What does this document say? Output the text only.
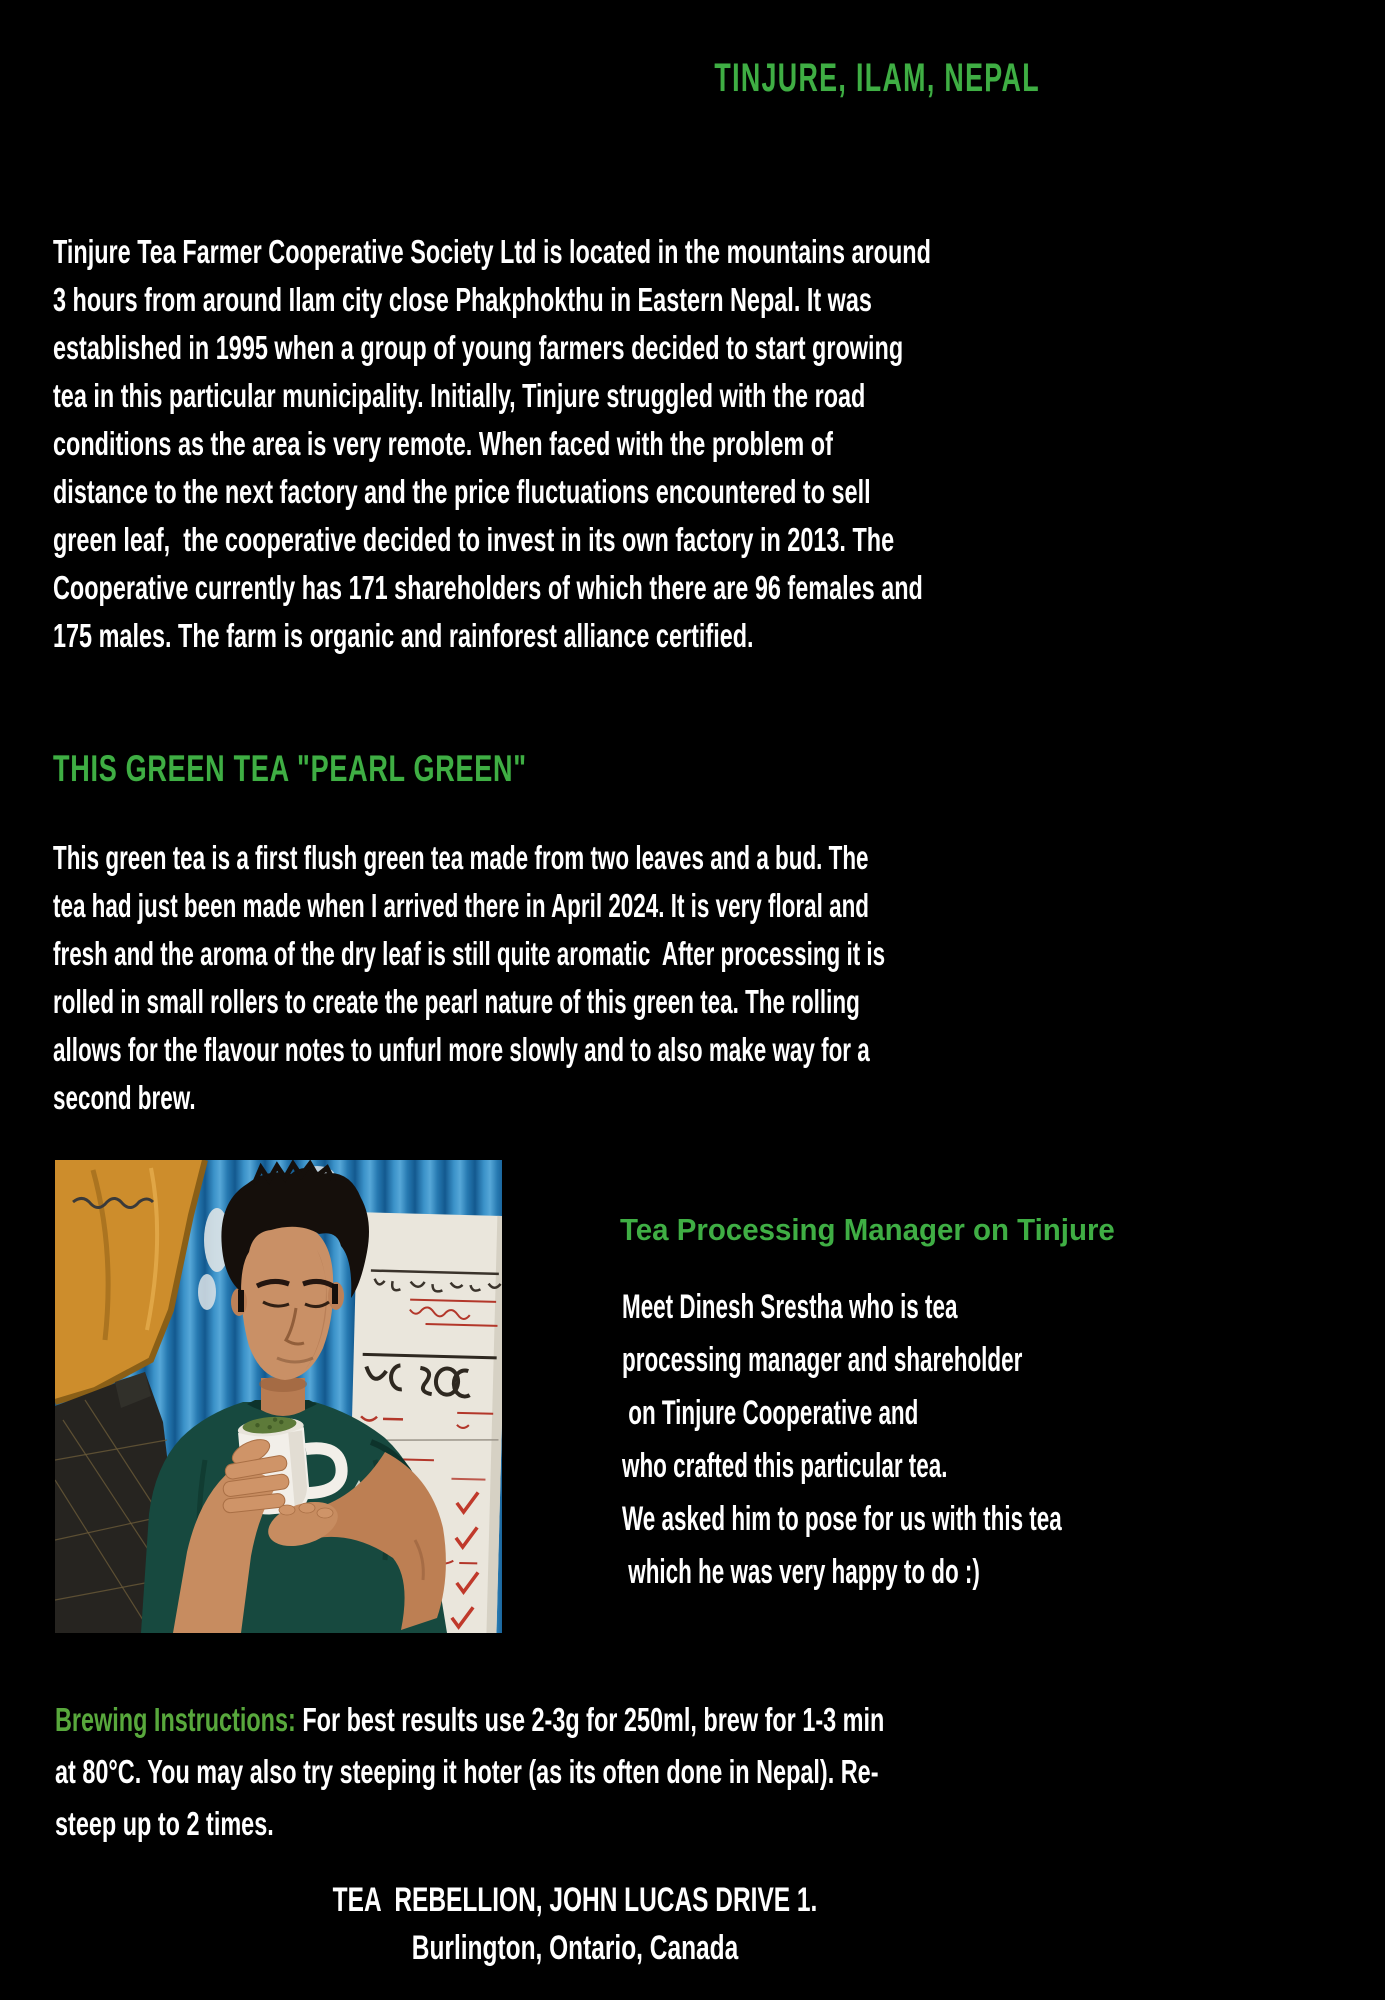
TINJURE, ILAM, NEPAL
Tinjure Tea Farmer Cooperative Society Ltd is located in the mountains around
3 hours from around Ilam city close Phakphokthu in Eastern Nepal. It was
established in 1995 when a group of young farmers decided to start growing
tea in this particular municipality. Initially, Tinjure struggled with the road
conditions as the area is very remote. When faced with the problem of
distance to the next factory and the price fluctuations encountered to sell
green leaf,  the cooperative decided to invest in its own factory in 2013. The
Cooperative currently has 171 shareholders of which there are 96 females and
175 males. The farm is organic and rainforest alliance certified.
THIS GREEN TEA "PEARL GREEN"
This green tea is a first flush green tea made from two leaves and a bud. The
tea had just been made when I arrived there in April 2024. It is very floral and
fresh and the aroma of the dry leaf is still quite aromatic  After processing it is
rolled in small rollers to create the pearl nature of this green tea. The rolling
allows for the flavour notes to unfurl more slowly and to also make way for a
second brew.
Tea Processing Manager on Tinjure
Meet Dinesh Srestha who is tea
processing manager and shareholder
on Tinjure Cooperative and
who crafted this particular tea.
We asked him to pose for us with this tea
which he was very happy to do :)
Brewing Instructions: For best results use 2-3g for 250ml, brew for 1-3 min
at 80°C. You may also try steeping it hoter (as its often done in Nepal). Re-
steep up to 2 times.
TEA  REBELLION, JOHN LUCAS DRIVE 1.
Burlington, Ontario, Canada
